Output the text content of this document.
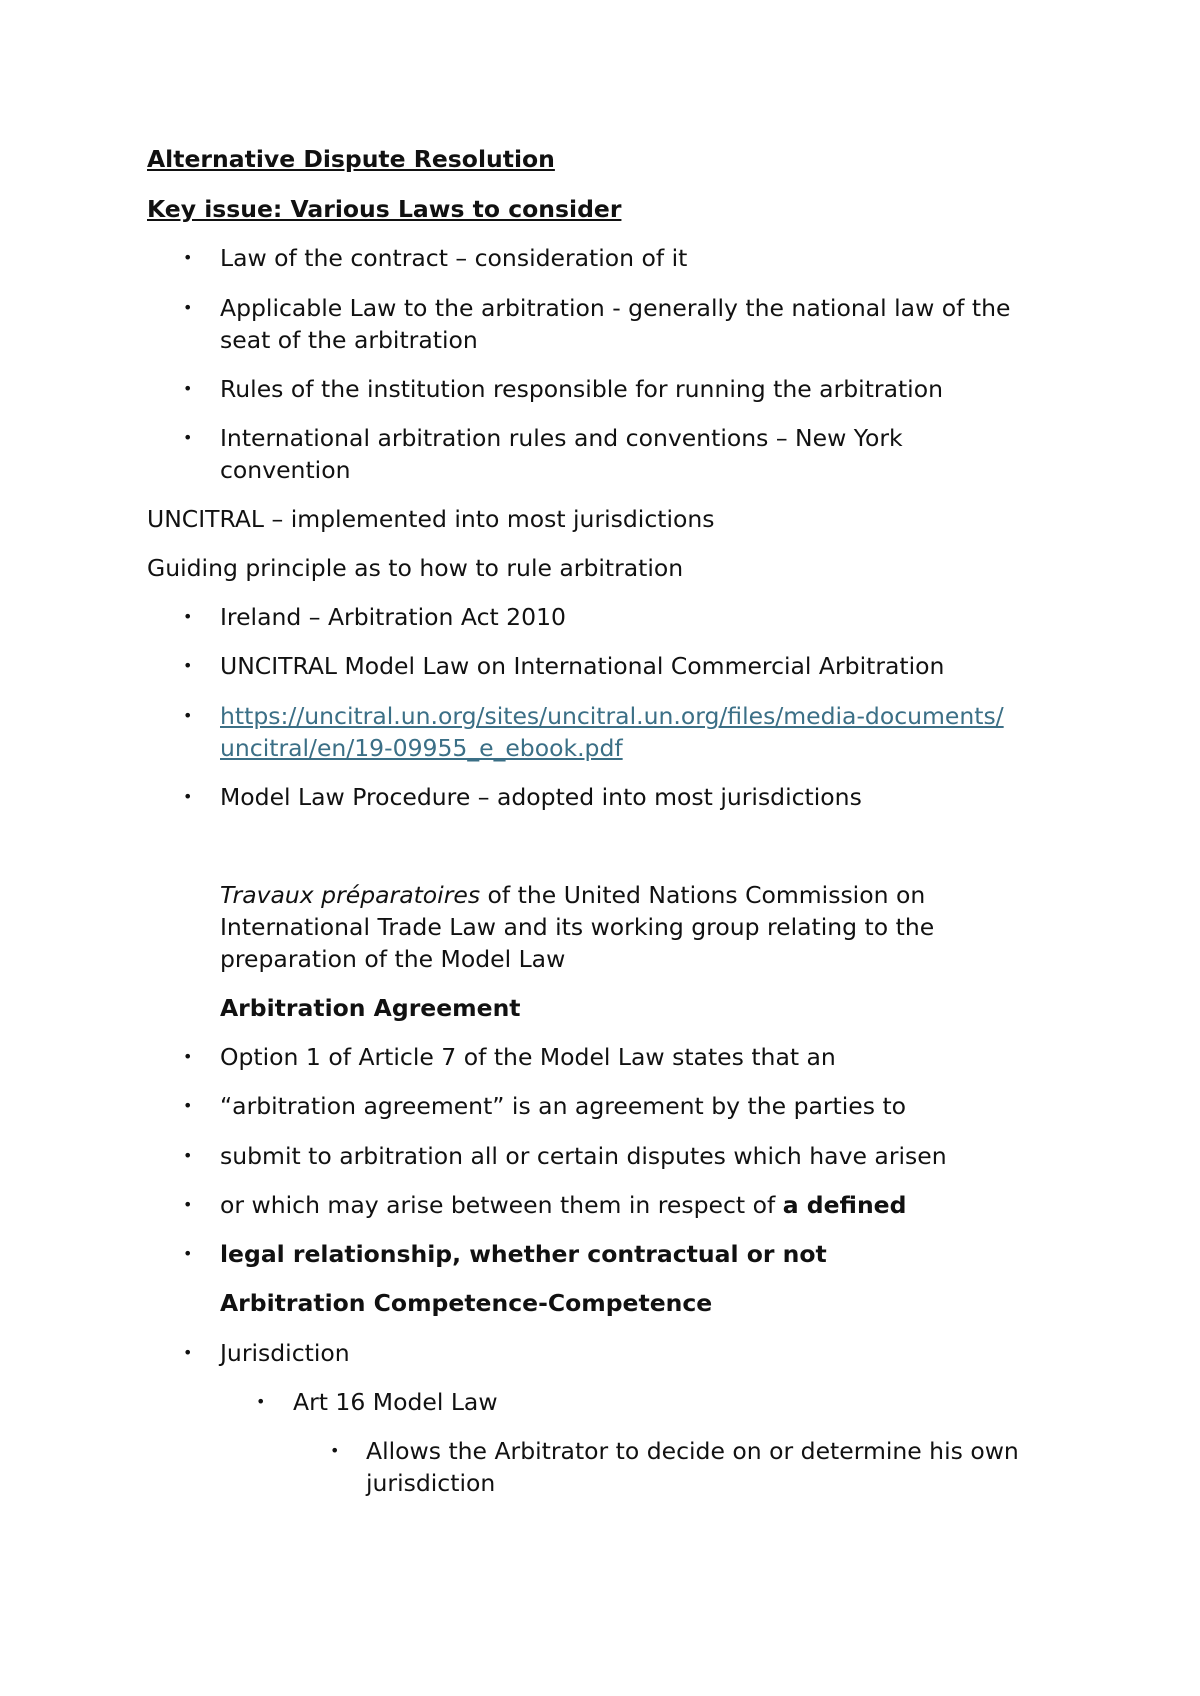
Alternative Dispute Resolution
Key issue: Various Laws to consider
• Law of the contract – consideration of it
• Applicable Law to the arbitration - generally the national law of the
seat of the arbitration
• Rules of the institution responsible for running the arbitration
• International arbitration rules and conventions – New York
convention
UNCITRAL – implemented into most jurisdictions
Guiding principle as to how to rule arbitration
• Ireland – Arbitration Act 2010
• UNCITRAL Model Law on International Commercial Arbitration
• https://uncitral.un.org/sites/uncitral.un.org/files/media-documents/
uncitral/en/19-09955_e_ebook.pdf
• Model Law Procedure – adopted into most jurisdictions
Travaux préparatoires of the United Nations Commission on
International Trade Law and its working group relating to the
preparation of the Model Law
Arbitration Agreement
• Option 1 of Article 7 of the Model Law states that an
• “arbitration agreement” is an agreement by the parties to
• submit to arbitration all or certain disputes which have arisen
• or which may arise between them in respect of a defined
• legal relationship, whether contractual or not
Arbitration Competence-Competence
• Jurisdiction
• Art 16 Model Law
• Allows the Arbitrator to decide on or determine his own
jurisdiction
